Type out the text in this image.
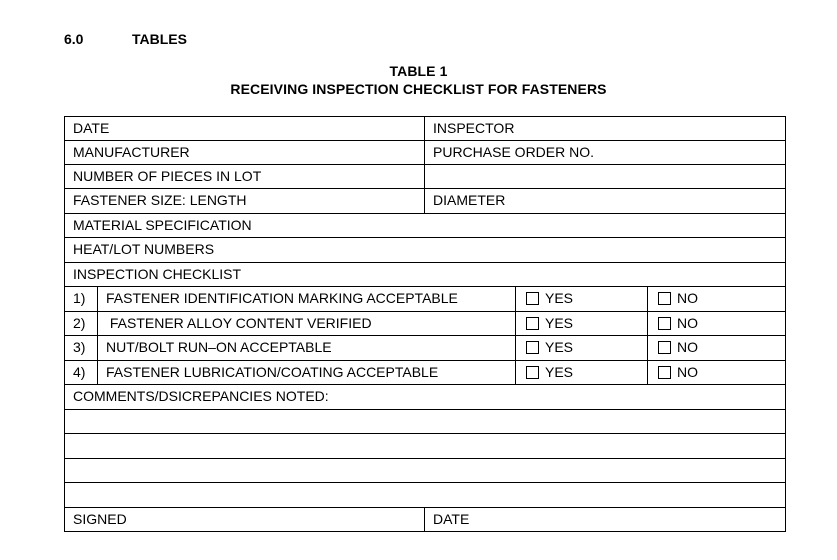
6.0	TABLES
TABLE 1
RECEIVING INSPECTION CHECKLIST FOR FASTENERS
DATE	INSPECTOR
MANUFACTURER	PURCHASE ORDER NO.
NUMBER OF PIECES IN LOT
FASTENER SIZE: LENGTH	DIAMETER
MATERIAL SPECIFICATION
HEAT/LOT NUMBERS
INSPECTION CHECKLIST
1)	FASTENER IDENTIFICATION MARKING ACCEPTABLE	YES	NO
2)	FASTENER ALLOY CONTENT VERIFIED	YES	NO
3)	NUT/BOLT RUN–ON ACCEPTABLE	YES	NO
4)	FASTENER LUBRICATION/COATING ACCEPTABLE	YES	NO
COMMENTS/DSICREPANCIES NOTED:
SIGNED	DATE
